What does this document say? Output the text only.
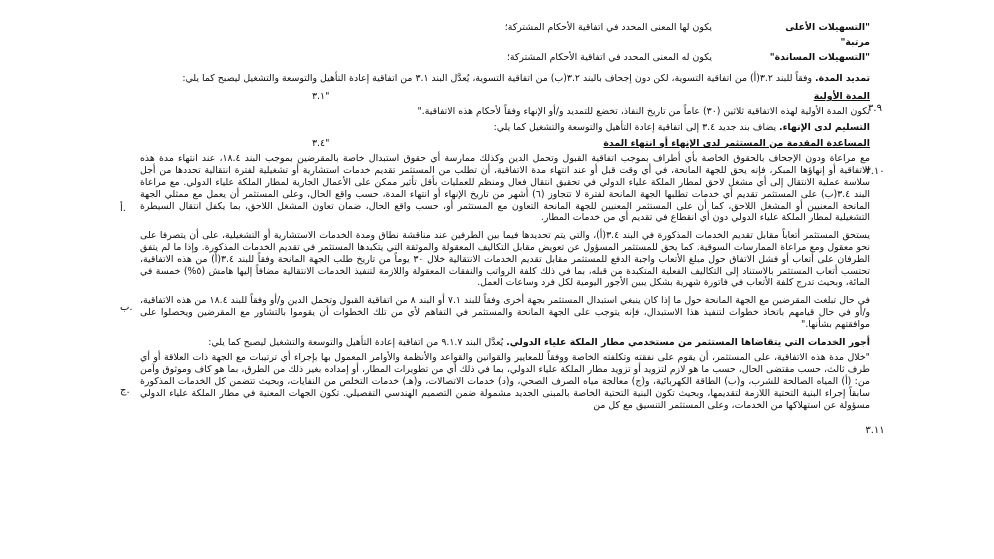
"التسهيلات الأعلى
يكون لها المعنى المحدد في اتفاقية الأحكام المشتركة؛
مرتبة"
"التسهيلات المساندة"
يكون له المعنى المحدد في اتفاقية الأحكام المشتركة؛

تمديد المدة. وفقاً للبند ٣.٢(أ) من اتفاقية التسوية، لكن دون إجحاف بالبند ٣.٢(ب) من اتفاقية التسوية، يُعدَّل البند ٣.١ من اتفاقية إعادة التأهيل والتوسعة والتشغيل ليصبح كما يلي:

"٣.١	المدة الأولية

تكون المدة الأولية لهذه الاتفاقية ثلاثين (٣٠) عاماً من تاريخ النفاذ، تخضع للتمديد و/أو الإنهاء وفقاً لأحكام هذه الاتفاقية."

التسليم لدى الإنهاء. يضاف بند جديد ٣.٤ إلى اتفاقية إعادة التأهيل والتوسعة والتشغيل كما يلي:

"٣.٤	المساعدة المقدمة من المستثمر لدى الإنهاء أو انتهاء المدة

مع مراعاة ودون الإجحاف بالحقوق الخاصة بأي أطراف بموجب اتفاقية القبول وتحمل الدين وكذلك ممارسة أي حقوق استبدال خاصة بالمقرضين بموجب البند ١٨.٤، عند انتهاء مدة هذه الاتفاقية أو إنهاؤها المبكر، فإنه يحق للجهة المانحة، في أي وقت قبل أو عند انتهاء مدة الاتفاقية، أن تطلب من المستثمر تقديم خدمات استشارية أو تشغيلية لفترة انتقالية تحددها من أجل سلاسة عملية الانتقال إلى أي مشغل لاحق لمطار الملكة علياء الدولي في تحقيق انتقال فعال ومنظم للعمليات بأقل تأثير ممكن على الأعمال الجارية لمطار الملكة علياء الدولي. مع مراعاة البند ٣.٤(ب) على المستثمر تقديم أي خدمات تطلبها الجهة المانحة لفترة لا تتجاوز (٦) أشهر من تاريخ الإنهاء أو انتهاء المدة، حسب واقع الحال، وعلى المستثمر أن يعمل مع ممثلي الجهة المانحة المعنيين أو المشغل اللاحق، كما أن على المستثمر المعنيين للجهة المانحة التعاون مع المستثمر أو، حسب واقع الحال، ضمان تعاون المشغل اللاحق، بما يكفل انتقال السيطرة التشغيلية لمطار الملكة علياء الدولي دون أي انقطاع في تقديم أي من خدمات المطار.

يستحق المستثمر أتعاباً مقابل تقديم الخدمات المذكورة في البند ٣.٤(أ)، والتي يتم تحديدها فيما بين الطرفين عند مناقشة نطاق ومدة الخدمات الاستشارية أو التشغيلية، على أن يتصرفا على نحو معقول ومع مراعاة الممارسات السوقية. كما يحق للمستثمر المسؤول عن تعويض مقابل التكاليف المعقولة والموثقة التي يتكبدها المستثمر في تقديم الخدمات المذكورة. وإذا ما لم يتفق الطرفان على أتعاب أو فشل الاتفاق حول مبلغ الأتعاب واجبة الدفع للمستثمر مقابل تقديم الخدمات الانتقالية خلال ٣٠ يوماً من تاريخ طلب الجهة المانحة وفقاً للبند ٣.٤(أ) من هذه الاتفاقية، تحتسب أتعاب المستثمر بالاستناد إلى التكاليف الفعلية المتكبدة من قبله، بما في ذلك كلفة الرواتب والنفقات المعقولة واللازمة لتنفيذ الخدمات الانتقالية مضافاً إليها هامش (٥%) خمسة في المائة، وبحيث تدرج كلفة الأتعاب في فاتورة شهرية بشكل يبين الأجور اليومية لكل فرد وساعات العمل.

في حال تبلغت المقرضين مع الجهة المانحة حول ما إذا كان ينبغي استبدال المستثمر بجهة أخرى وفقاً للبند ٧.١ أو البند ٨ من اتفاقية القبول وتحمل الدين و/أو وفقاً للبند ١٨.٤ من هذه الاتفاقية، و/أو في حال قيامهم باتخاذ خطوات لتنفيذ هذا الاستبدال، فإنه يتوجب على الجهة المانحة والمستثمر في التفاهم لأي من تلك الخطوات أن يقوموا بالتشاور مع المقرضين ويحصلوا على موافقتهم بشأنها."

أجور الخدمات التي يتقاضاها المستثمر من مستخدمي مطار الملكة علياء الدولي. يُعدَّل البند ٩.١.٧ من اتفاقية إعادة التأهيل والتوسعة والتشغيل ليصبح كما يلي:

"خلال مدة هذه الاتفاقية، على المستثمر، أن يقوم على نفقته وتكلفته الخاصة ووفقاً للمعايير والقوانين والقواعد والأنظمة والأوامر المعمول بها بإجراء أي ترتيبات مع الجهة ذات العلاقة أو أي طرف ثالث، حسب مقتضى الحال، حسب ما هو لازم لتزويد أو تزويد مطار الملكة علياء الدولي، بما في ذلك أي من تطويرات المطار، أو إمداده بغير ذلك من الطرق، بما هو كاف وموثوق وآمن من: (أ) المياه الصالحة للشرب، و(ب) الطاقة الكهربائية، و(ج) معالجة مياه الصرف الصحي، و(د) خدمات الاتصالات، و(هـ) خدمات التخلص من النفايات، وبحيث تتضمن كل الخدمات المذكورة سابقاً إجراء البنية التحتية اللازمة لتقديمها، وبحيث تكون البنية التحتية الخاصة بالمبنى الجديد مشمولة ضمن التصميم الهندسي التفصيلي. تكون الجهات المعنية في مطار الملكة علياء الدولي مسؤولة عن استهلاكها من الخدمات، وعلى المستثمر التنسيق مع كل من

٣.٩
٣.١٠
٣.١١
أ.
ب.
ج.
